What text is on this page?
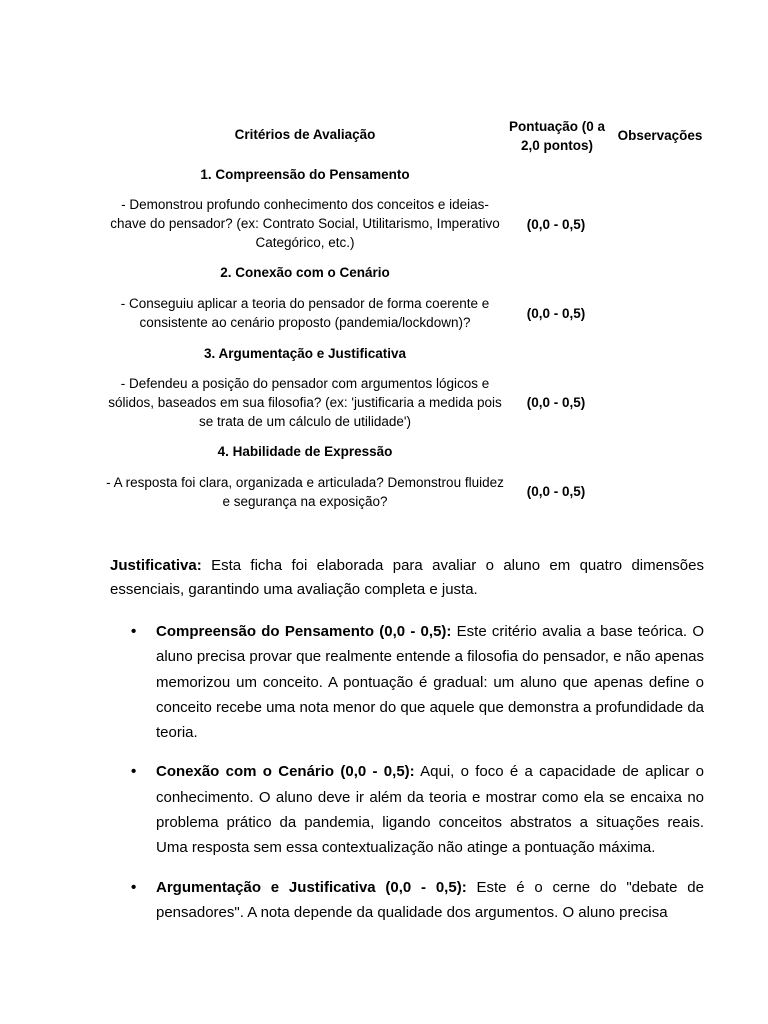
Critérios de Avaliação
Pontuação (0 a 2,0 pontos)
Observações
1. Compreensão do Pensamento
- Demonstrou profundo conhecimento dos conceitos e ideias-chave do pensador? (ex: Contrato Social, Utilitarismo, Imperativo Categórico, etc.)
(0,0 - 0,5)
2. Conexão com o Cenário
- Conseguiu aplicar a teoria do pensador de forma coerente e consistente ao cenário proposto (pandemia/lockdown)?
(0,0 - 0,5)
3. Argumentação e Justificativa
- Defendeu a posição do pensador com argumentos lógicos e sólidos, baseados em sua filosofia? (ex: 'justificaria a medida pois se trata de um cálculo de utilidade')
(0,0 - 0,5)
4. Habilidade de Expressão
- A resposta foi clara, organizada e articulada? Demonstrou fluidez e segurança na exposição?
(0,0 - 0,5)
Justificativa: Esta ficha foi elaborada para avaliar o aluno em quatro dimensões essenciais, garantindo uma avaliação completa e justa.
• Compreensão do Pensamento (0,0 - 0,5): Este critério avalia a base teórica. O aluno precisa provar que realmente entende a filosofia do pensador, e não apenas memorizou um conceito. A pontuação é gradual: um aluno que apenas define o conceito recebe uma nota menor do que aquele que demonstra a profundidade da teoria.
• Conexão com o Cenário (0,0 - 0,5): Aqui, o foco é a capacidade de aplicar o conhecimento. O aluno deve ir além da teoria e mostrar como ela se encaixa no problema prático da pandemia, ligando conceitos abstratos a situações reais. Uma resposta sem essa contextualização não atinge a pontuação máxima.
• Argumentação e Justificativa (0,0 - 0,5): Este é o cerne do "debate de pensadores". A nota depende da qualidade dos argumentos. O aluno precisa
